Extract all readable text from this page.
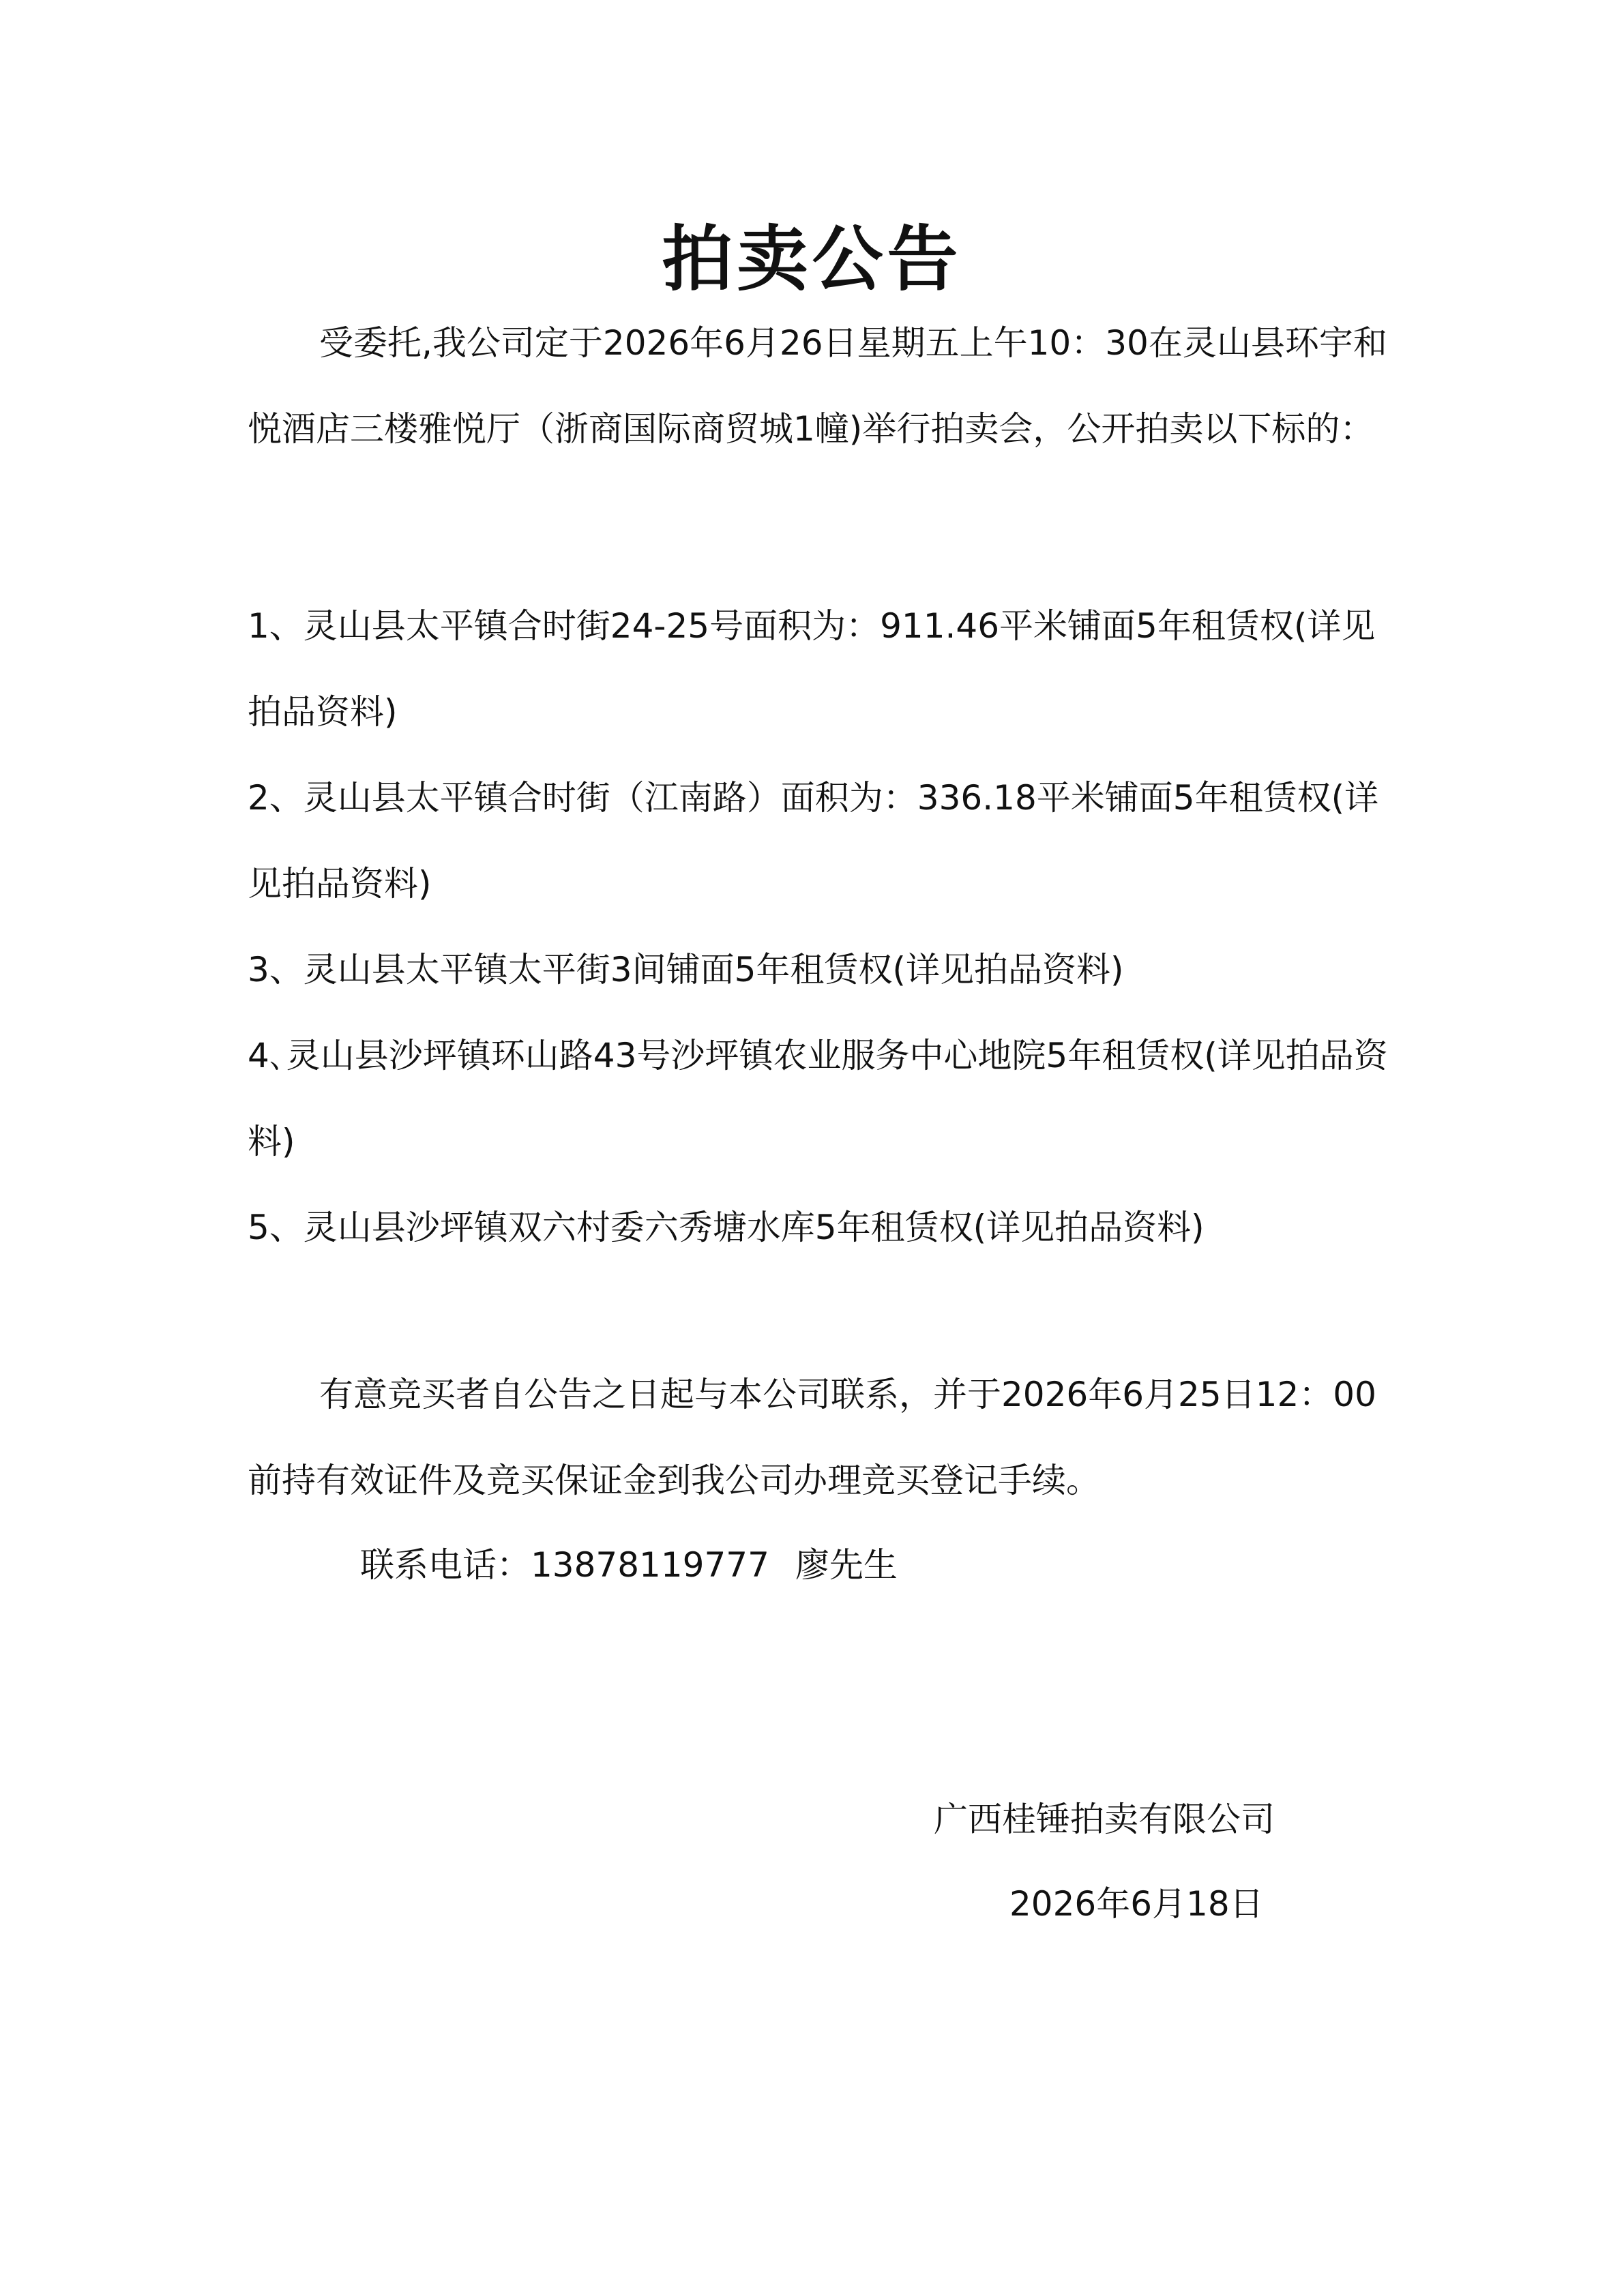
拍卖公告
受委托,我公司定于2026年6月26日星期五上午10：30在灵山县环宇和悦酒店三楼雅悦厅（浙商国际商贸城1幢)举行拍卖会，公开拍卖以下标的：
1、灵山县太平镇合时街24-25号面积为：911.46平米铺面5年租赁权(详见拍品资料)
2、灵山县太平镇合时街（江南路）面积为：336.18平米铺面5年租赁权(详见拍品资料)
3、灵山县太平镇太平街3间铺面5年租赁权(详见拍品资料)
4､灵山县沙坪镇环山路43号沙坪镇农业服务中心地院5年租赁权(详见拍品资料)
5、灵山县沙坪镇双六村委六秀塘水库5年租赁权(详见拍品资料)
有意竞买者自公告之日起与本公司联系，并于2026年6月25日12：00前持有效证件及竞买保证金到我公司办理竞买登记手续。
联系电话：13878119777 廖先生
广西桂锤拍卖有限公司
2026年6月18日
